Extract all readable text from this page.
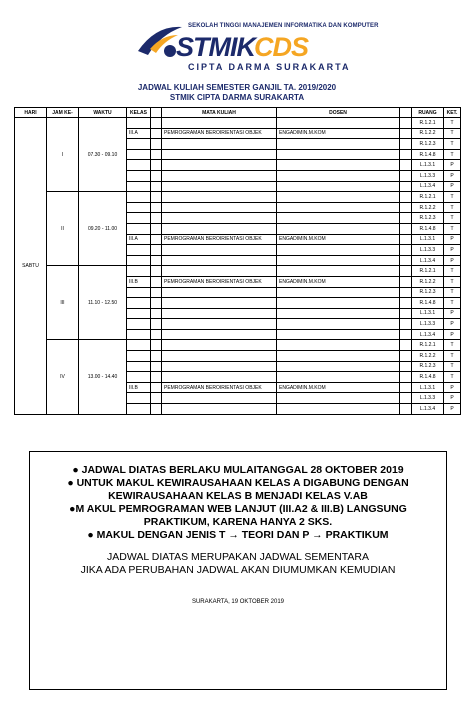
SEKOLAH TINGGI MANAJEMEN INFORMATIKA DAN KOMPUTER
STMIK CDS
CIPTA DARMA SURAKARTA
JADWAL KULIAH SEMESTER GANJIL TA. 2019/2020
STMIK CIPTA DARMA SURAKARTA
HARI	JAM KE-	WAKTU	KELAS		MATA KULIAH	DOSEN		RUANG	KET.
SABTU	I	07.30 - 09.10						R.1.2.1	T
			III.A		PEMROGRAMAN BEROIRIENTASI OBJEK	ENGADIMIN.M.KOM		R.1.2.2	T
								R.1.2.3	T
								R.1.4.8	T
								L.1.3.1	P
								L.1.3.3	P
								L.1.3.4	P
	II	09.20 - 11.00						R.1.2.1	T
								R.1.2.2	T
								R.1.2.3	T
								R.1.4.8	T
			III.A		PEMROGRAMAN BEROIRIENTASI OBJEK	ENGADIMIN.M.KOM		L.1.3.1	P
								L.1.3.3	P
								L.1.3.4	P
	III	11.10 - 12.50						R.1.2.1	T
			III.B		PEMROGRAMAN BEROIRIENTASI OBJEK	ENGADIMIN.M.KOM		R.1.2.2	T
								R.1.2.3	T
								R.1.4.8	T
								L.1.3.1	P
								L.1.3.3	P
								L.1.3.4	P
	IV	13.00 - 14.40						R.1.2.1	T
								R.1.2.2	T
								R.1.2.3	T
								R.1.4.8	T
			III.B		PEMROGRAMAN BEROIRIENTASI OBJEK	ENGADIMIN.M.KOM		L.1.3.1	P
								L.1.3.3	P
								L.1.3.4	P
● JADWAL DIATAS BERLAKU MULAITANGGAL 28 OKTOBER 2019
● UNTUK MAKUL KEWIRAUSAHAAN KELAS A DIGABUNG DENGAN
KEWIRAUSAHAAN KELAS B MENJADI KELAS V.AB
●M AKUL PEMROGRAMAN WEB LANJUT (III.A2 & III.B) LANGSUNG
PRAKTIKUM, KARENA HANYA 2 SKS.
● MAKUL DENGAN JENIS T → TEORI DAN P → PRAKTIKUM
JADWAL DIATAS MERUPAKAN JADWAL SEMENTARA
JIKA ADA PERUBAHAN JADWAL AKAN DIUMUMKAN KEMUDIAN
SURAKARTA, 19 OKTOBER 2019
